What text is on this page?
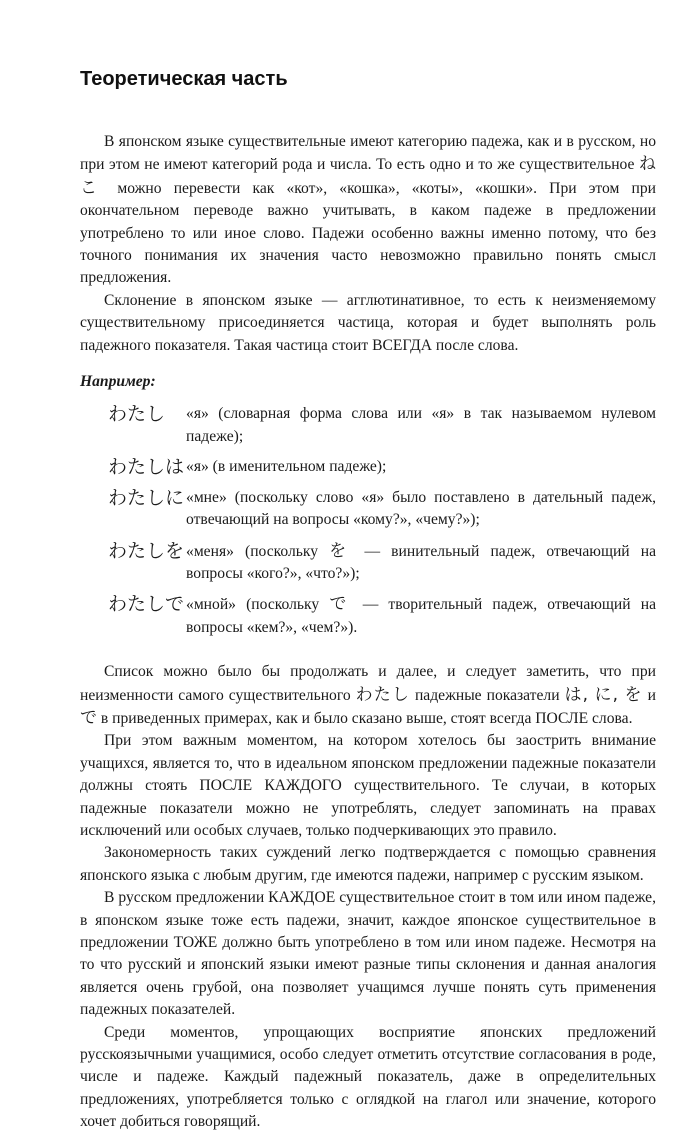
Теоретическая часть

В японском языке существительные имеют категорию падежа, как и в русском, но при этом не имеют категорий рода и числа. То есть одно и то же существительное ねこ можно перевести как «кот», «кошка», «коты», «кошки». При этом при окончательном переводе важно учитывать, в каком падеже в предложении употреблено то или иное слово. Падежи особенно важны именно потому, что без точного понимания их значения часто невозможно правильно понять смысл предложения.

Склонение в японском языке — агглютинативное, то есть к неизменяемому существительному присоединяется частица, которая и будет выполнять роль падежного показателя. Такая частица стоит ВСЕГДА после слова.

Например:
わたし	«я» (словарная форма слова или «я» в так называемом нулевом падеже);
わたしは «я» (в именительном падеже);
わたしに «мне» (поскольку слово «я» было поставлено в дательный падеж, отвечающий на вопросы «кому?», «чему?»);
わたしを «меня» (поскольку を — винительный падеж, отвечающий на вопросы «кого?», «что?»);
わたしで «мной» (поскольку で — творительный падеж, отвечающий на вопросы «кем?», «чем?»).

Список можно было бы продолжать и далее, и следует заметить, что при неизменности самого существительного わたし падежные показатели は, に, を и で в приведенных примерах, как и было сказано выше, стоят всегда ПОСЛЕ слова.

При этом важным моментом, на котором хотелось бы заострить внимание учащихся, является то, что в идеальном японском предложении падежные показатели должны стоять ПОСЛЕ КАЖДОГО существительного. Те случаи, в которых падежные показатели можно не употреблять, следует запоминать на правах исключений или особых случаев, только подчеркивающих это правило.

Закономерность таких суждений легко подтверждается с помощью сравнения японского языка с любым другим, где имеются падежи, например с русским языком.

В русском предложении КАЖДОЕ существительное стоит в том или ином падеже, в японском языке тоже есть падежи, значит, каждое японское существительное в предложении ТОЖЕ должно быть употреблено в том или ином падеже. Несмотря на то что русский и японский языки имеют разные типы склонения и данная аналогия является очень грубой, она позволяет учащимся лучше понять суть применения падежных показателей.

Среди моментов, упрощающих восприятие японских предложений русскоязычными учащимися, особо следует отметить отсутствие согласования в роде, числе и падеже. Каждый падежный показатель, даже в определительных предложениях, употребляется только с оглядкой на глагол или значение, которого хочет добиться говорящий.
